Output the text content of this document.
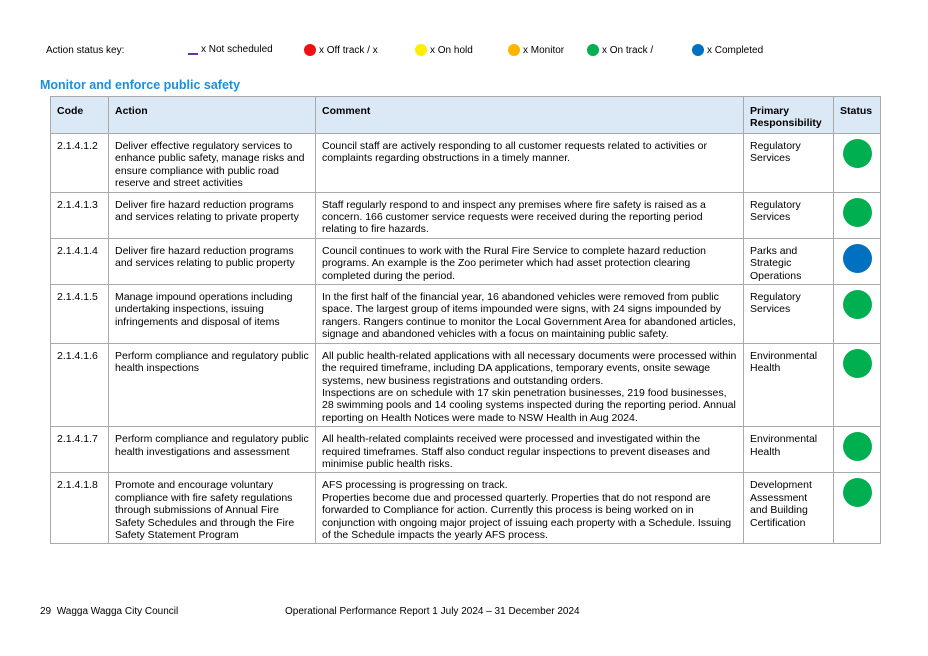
Action status key:	x Not scheduled	x Off track / x	x On hold	x Monitor	x On track /	x Completed
Monitor and enforce public safety
Code	Action	Comment	Primary Responsibility	Status
2.1.4.1.2	Deliver effective regulatory services to enhance public safety, manage risks and ensure compliance with public road reserve and street activities	Council staff are actively responding to all customer requests related to activities or complaints regarding obstructions in a timely manner.	Regulatory Services	
2.1.4.1.3	Deliver fire hazard reduction programs and services relating to private property	Staff regularly respond to and inspect any premises where fire safety is raised as a concern. 166 customer service requests were received during the reporting period relating to fire hazards.	Regulatory Services	
2.1.4.1.4	Deliver fire hazard reduction programs and services relating to public property	Council continues to work with the Rural Fire Service to complete hazard reduction programs. An example is the Zoo perimeter which had asset protection clearing completed during the period.	Parks and Strategic Operations	
2.1.4.1.5	Manage impound operations including undertaking inspections, issuing infringements and disposal of items	In the first half of the financial year, 16 abandoned vehicles were removed from public space. The largest group of items impounded were signs, with 24 signs impounded by rangers. Rangers continue to monitor the Local Government Area for abandoned articles, signage and abandoned vehicles with a focus on maintaining public safety.	Regulatory Services	
2.1.4.1.6	Perform compliance and regulatory public health inspections	All public health-related applications with all necessary documents were processed within the required timeframe, including DA applications, temporary events, onsite sewage systems, new business registrations and outstanding orders.
Inspections are on schedule with 17 skin penetration businesses, 219 food businesses, 28 swimming pools and 14 cooling systems inspected during the reporting period. Annual reporting on Health Notices were made to NSW Health in Aug 2024.	Environmental Health	
2.1.4.1.7	Perform compliance and regulatory public health investigations and assessment	All health-related complaints received were processed and investigated within the required timeframes. Staff also conduct regular inspections to prevent diseases and minimise public health risks.	Environmental Health	
2.1.4.1.8	Promote and encourage voluntary compliance with fire safety regulations through submissions of Annual Fire Safety Schedules and through the Fire Safety Statement Program	AFS processing is progressing on track.
Properties become due and processed quarterly. Properties that do not respond are forwarded to Compliance for action. Currently this process is being worked on in conjunction with ongoing major project of issuing each property with a Schedule. Issuing of the Schedule impacts the yearly AFS process.	Development Assessment and Building Certification	
29 Wagga Wagga City Council	Operational Performance Report 1 July 2024 – 31 December 2024
